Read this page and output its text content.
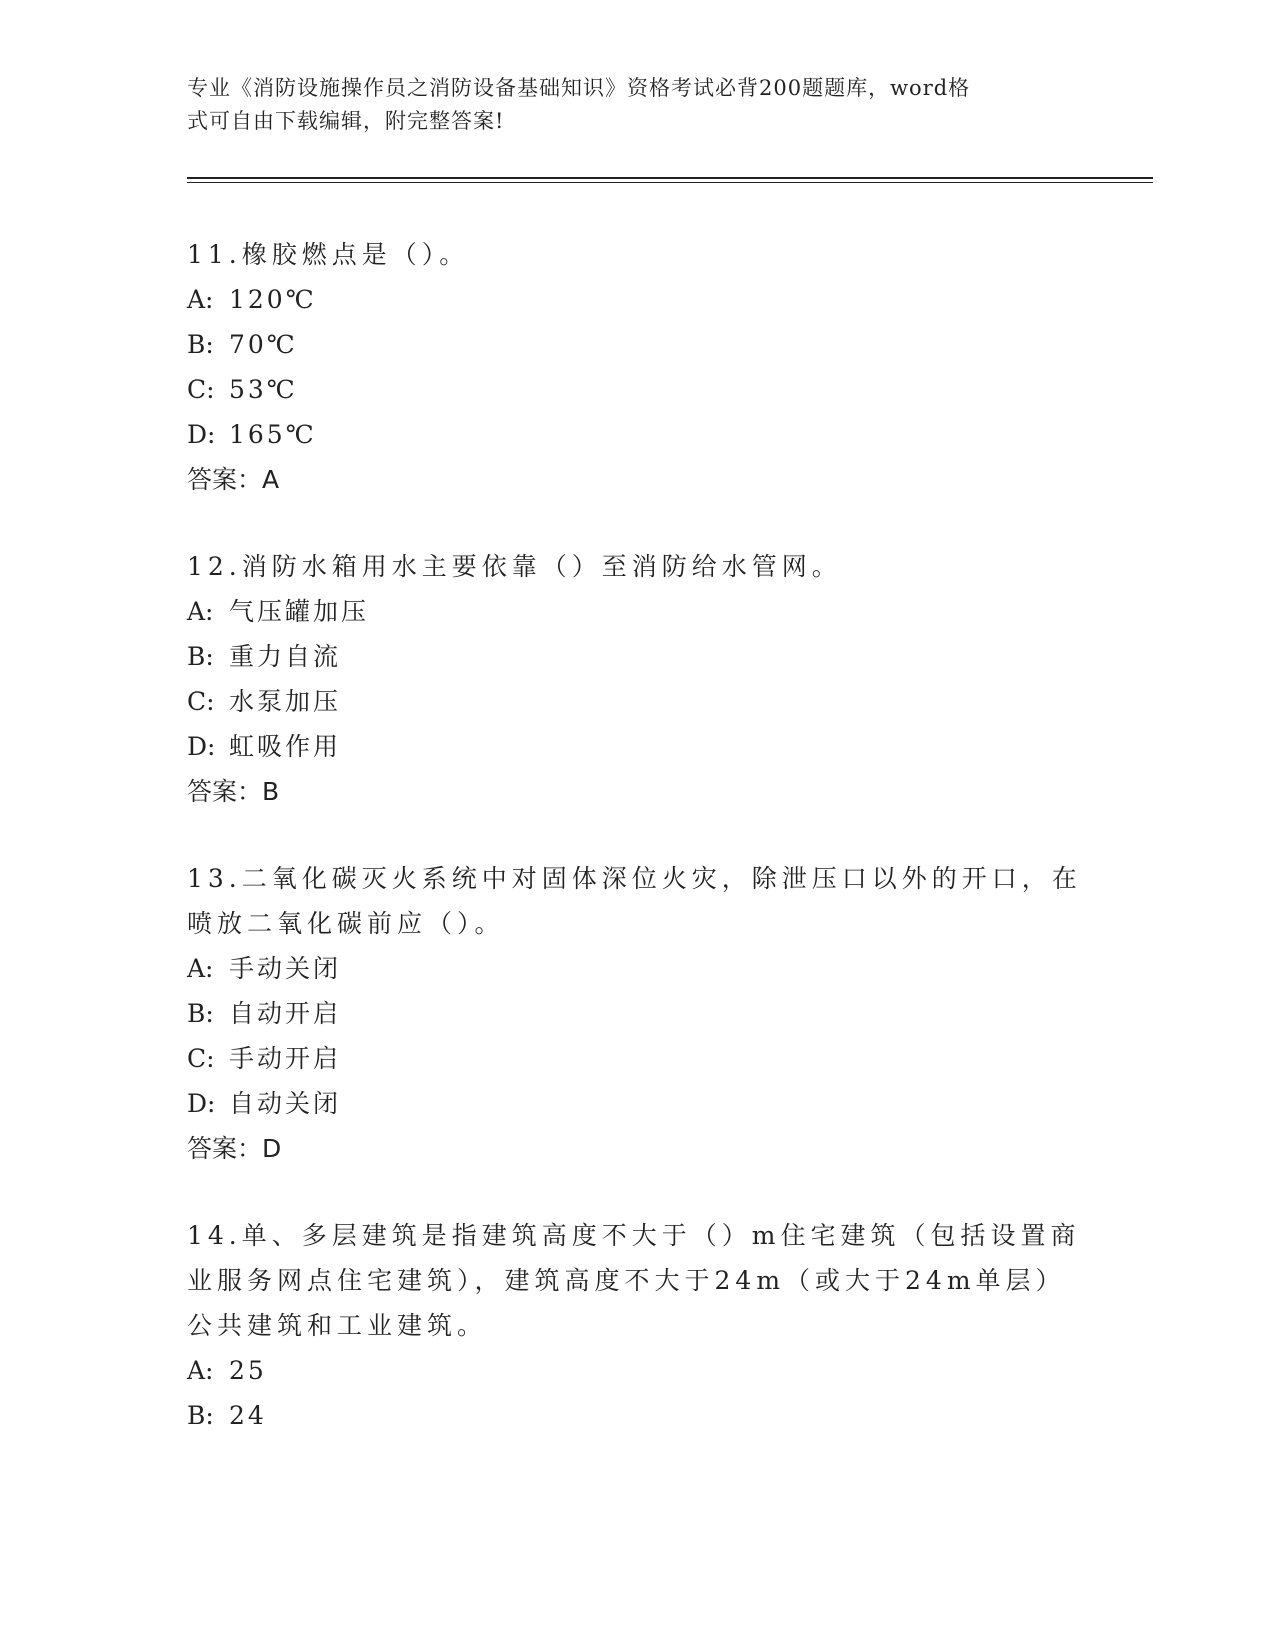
专业《消防设施操作员之消防设备基础知识》资格考试必背200题题库，word格
式可自由下载编辑，附完整答案!
11.橡胶燃点是（）。
A: 120℃
B: 70℃
C: 53℃
D: 165℃
答案：A
12.消防水箱用水主要依靠（）至消防给水管网。
A: 气压罐加压
B: 重力自流
C: 水泵加压
D: 虹吸作用
答案：B
13.二氧化碳灭火系统中对固体深位火灾，除泄压口以外的开口，在喷放二氧化碳前应（）。
A: 手动关闭
B: 自动开启
C: 手动开启
D: 自动关闭
答案：D
14.单、多层建筑是指建筑高度不大于（）m住宅建筑（包括设置商业服务网点住宅建筑），建筑高度不大于24m（或大于24m单层）公共建筑和工业建筑。
A: 25
B: 24
